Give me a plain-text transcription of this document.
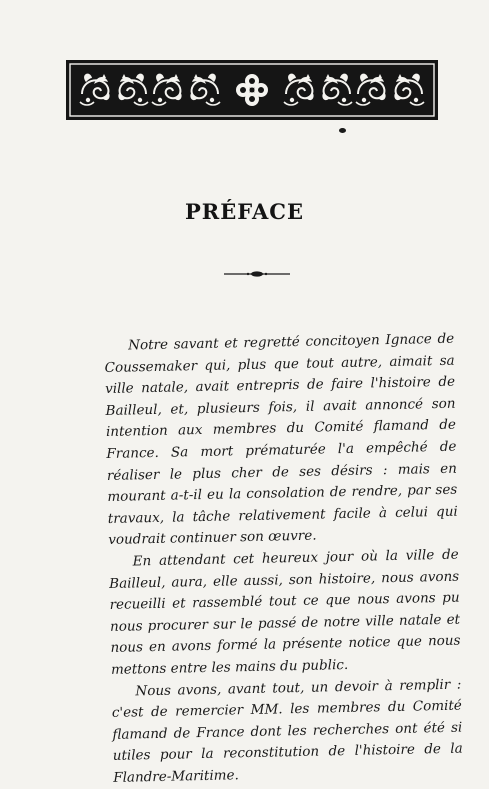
PRÉFACE

Notre savant et regretté concitoyen Ignace de Coussemaker qui, plus que tout autre, aimait sa ville natale, avait entrepris de faire l'histoire de Bailleul, et, plusieurs fois, il avait annoncé son intention aux membres du Comité flamand de France. Sa mort prématurée l'a empêché de réaliser le plus cher de ses désirs : mais en mourant a-t-il eu la consolation de rendre, par ses travaux, la tâche relativement facile à celui qui voudrait continuer son œuvre.

En attendant cet heureux jour où la ville de Bailleul, aura, elle aussi, son histoire, nous avons recueilli et rassemblé tout ce que nous avons pu nous procurer sur le passé de notre ville natale et nous en avons formé la présente notice que nous mettons entre les mains du public.

Nous avons, avant tout, un devoir à remplir : c'est de remercier MM. les membres du Comité flamand de France dont les recherches ont été si utiles pour la reconstitution de l'histoire de la Flandre-Maritime.
